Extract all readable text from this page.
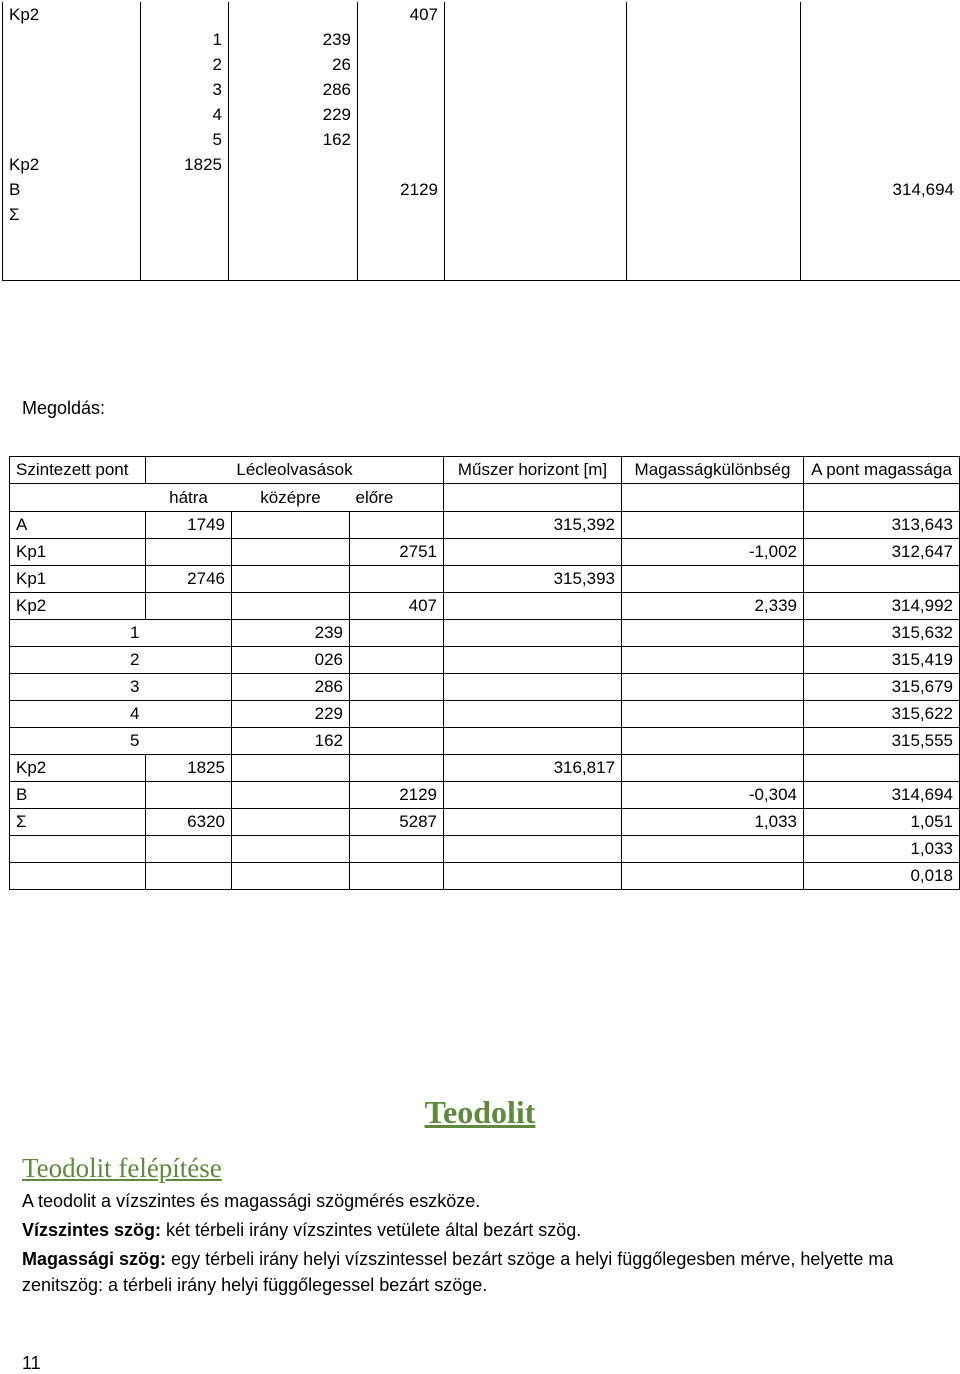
Kp2			407			
	1	239				
	2	26				
	3	286				
	4	229				
	5	162				
Kp2	1825					
B			2129			314,694
Σ						

Megoldás:
Szintezett pont	Lécleolvasások			Műszer horizont [m]	Magasságkülönbség	A pont magassága
	hátra	középre	előre			
A	1749			315,392		313,643
Kp1			2751		-1,002	312,647
Kp1	2746			315,393		
Kp2			407		2,339	314,992
1		239				315,632
2		026				315,419
3		286				315,679
4		229				315,622
5		162				315,555
Kp2	1825			316,817		
B			2129		-0,304	314,694
Σ	6320		5287		1,033	1,051
						1,033
						0,018
Teodolit
Teodolit felépítése
A teodolit a vízszintes és magassági szögmérés eszköze.
Vízszintes szög: két térbeli irány vízszintes vetülete által bezárt szög.
Magassági szög: egy térbeli irány helyi vízszintessel bezárt szöge a helyi függőlegesben mérve, helyette ma zenitszög: a térbeli irány helyi függőlegessel bezárt szöge.
11
